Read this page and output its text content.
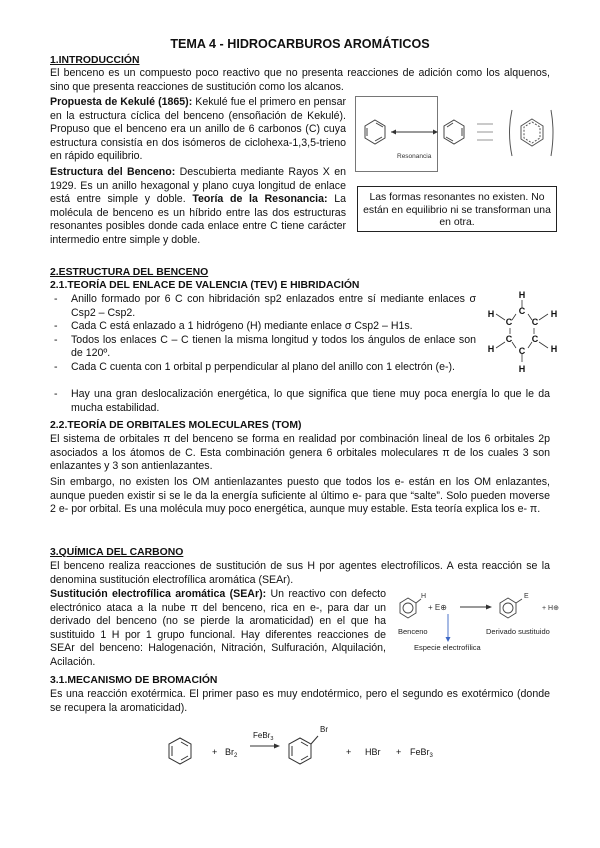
TEMA 4 - HIDROCARBUROS AROMÁTICOS
1.INTRODUCCIÓN
El benceno es un compuesto poco reactivo que no presenta reacciones de adición como los alquenos, sino que presenta reacciones de sustitución como los alcanos.
Propuesta de Kekulé (1865): Kekulé fue el primero en pensar en la estructura cíclica del benceno (ensoñación de Kekulé). Propuso que el benceno era un anillo de 6 carbonos (C) cuya estructura consistía en dos isómeros de ciclohexa-1,3,5-trieno en rápido equilibrio.
Estructura del Benceno: Descubierta mediante Rayos X en 1929. Es un anillo hexagonal y plano cuya longitud de enlace está entre simple y doble. Teoría de la Resonancia: La molécula de benceno es un híbrido entre las dos estructuras resonantes posibles donde cada enlace entre C tiene carácter intermedio entre simple y doble.
Resonancia
Las formas resonantes no existen. No están en equilibrio ni se transforman una en otra.
2.ESTRUCTURA DEL BENCENO
2.1.TEORÍA DEL ENLACE DE VALENCIA (TEV) E HIBRIDACIÓN
- Anillo formado por 6 C con hibridación sp2 enlazados entre sí mediante enlaces σ Csp2 – Csp2.
- Cada C está enlazado a 1 hidrógeno (H) mediante enlace σ Csp2 – H1s.
- Todos los enlaces C – C tienen la misma longitud y todos los ángulos de enlace son de 120º.
- Cada C cuenta con 1 orbital p perpendicular al plano del anillo con 1 electrón (e-).
- Hay una gran deslocalización energética, lo que significa que tiene muy poca energía lo que le da mucha estabilidad.
H
C
C C
C C
C
H	H
H	H
H
2.2.TEORÍA DE ORBITALES MOLECULARES (TOM)
El sistema de orbitales π del benceno se forma en realidad por combinación lineal de los 6 orbitales 2p asociados a los átomos de C. Esta combinación genera 6 orbitales moleculares π de los cuales 3 son enlazantes y 3 son antienlazantes.
Sin embargo, no existen los OM antienlazantes puesto que todos los e- están en los OM enlazantes, aunque pueden existir si se le da la energía suficiente al último e- para que “salte”. Solo pueden moverse 2 e- por orbital. Es una molécula muy poco energética, aunque muy estable. Esta teoría explica los e- π.
3.QUÍMICA DEL CARBONO
El benceno realiza reacciones de sustitución de sus H por agentes electrofílicos. A esta reacción se la denomina sustitución electrofílica aromática (SEAr).
Sustitución electrofílica aromática (SEAr): Un reactivo con defecto electrónico ataca a la nube π del benceno, rica en e-, para dar un derivado del benceno (no se pierde la aromaticidad) en el que ha sustituido 1 H por 1 grupo funcional. Hay diferentes reacciones de SEAr del benceno: Halogenación, Nitración, Sulfuración, Alquilación, Acilación.
H
+ E⊕
E
+ H⊕
Benceno	Derivado sustituido
Especie electrofílica
3.1.MECANISMO DE BROMACIÓN
Es una reacción exotérmica. El primer paso es muy endotérmico, pero el segundo es exotérmico (donde se recupera la aromaticidad).
+ $Br_2$
FeBr$_3$
Br
+ HBr + FeBr$_3$
